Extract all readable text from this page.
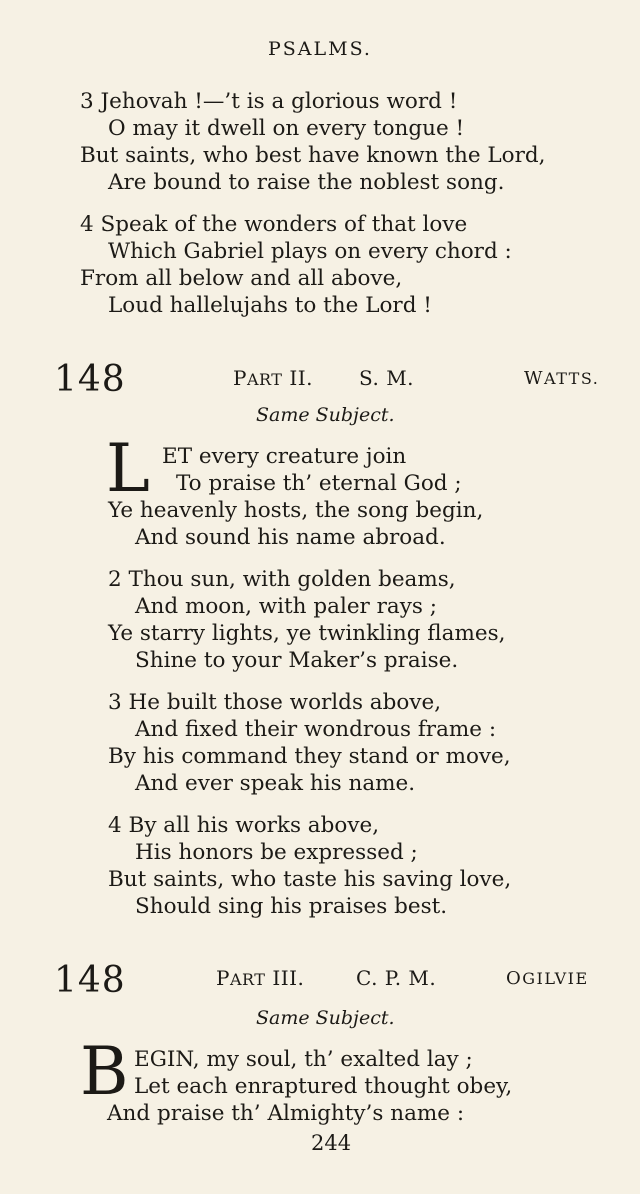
PSALMS.
3 Jehovah !—’t is a glorious word !
O may it dwell on every tongue !
But saints, who best have known the Lord,
Are bound to raise the noblest song.
4 Speak of the wonders of that love
Which Gabriel plays on every chord :
From all below and all above,
Loud hallelujahs to the Lord !
148	PART II. S. M.	WATTS.
Same Subject.
L ET every creature join
To praise th’ eternal God ;
Ye heavenly hosts, the song begin,
And sound his name abroad.
2 Thou sun, with golden beams,
And moon, with paler rays ;
Ye starry lights, ye twinkling flames,
Shine to your Maker’s praise.
3 He built those worlds above,
And fixed their wondrous frame :
By his command they stand or move,
And ever speak his name.
4 By all his works above,
His honors be expressed ;
But saints, who taste his saving love,
Should sing his praises best.
148	PART III.	C. P. M.	OGILVIE
Same Subject.
B EGIN, my soul, th’ exalted lay ;
Let each enraptured thought obey,
And praise th’ Almighty’s name :
244
